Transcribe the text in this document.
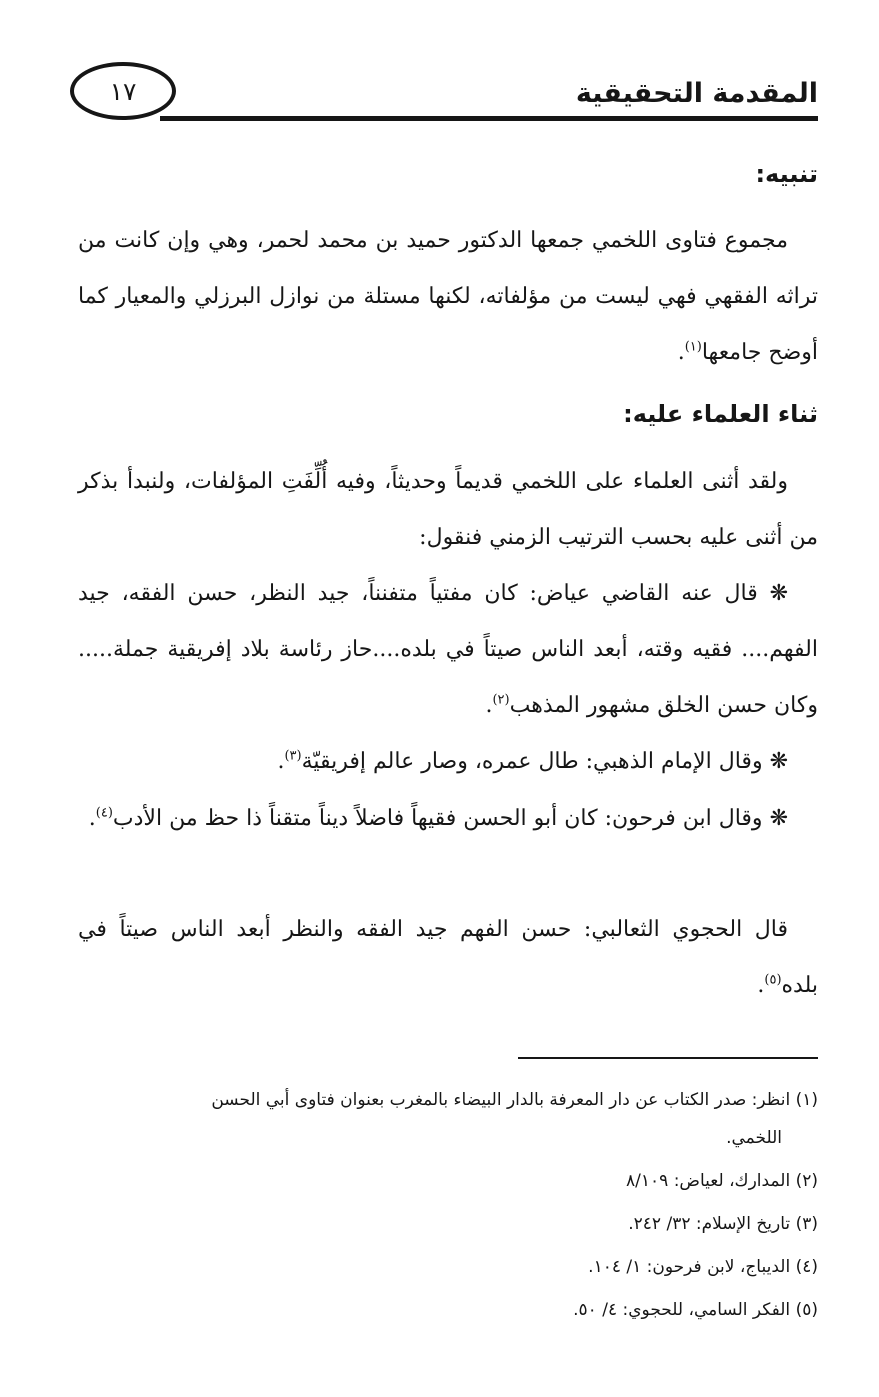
المقدمة التحقيقية
١٧
تنبيه:

مجموع فتاوى اللخمي جمعها الدكتور حميد بن محمد لحمر، وهي وإن كانت من تراثه الفقهي فهي ليست من مؤلفاته، لكنها مستلة من نوازل البرزلي والمعيار كما أوضح جامعها$^{(١)}$.

ثناء العلماء عليه:

ولقد أثنى العلماء على اللخمي قديماً وحديثاً، وفيه أُلِّفَتِ المؤلفات، ولنبدأ بذكر من أثنى عليه بحسب الترتيب الزمني فنقول:

❋ قال عنه القاضي عياض: كان مفتياً متفنناً، جيد النظر، حسن الفقه، جيد الفهم.... فقيه وقته، أبعد الناس صيتاً في بلده....حاز رئاسة بلاد إفريقية جملة..... وكان حسن الخلق مشهور المذهب$^{(٢)}$.

❋ وقال الإمام الذهبي: طال عمره، وصار عالم إفريقيّة$^{(٣)}$.

❋ وقال ابن فرحون: كان أبو الحسن فقيهاً فاضلاً ديناً متقناً ذا حظ من الأدب$^{(٤)}$.

قال الحجوي الثعالبي: حسن الفهم جيد الفقه والنظر أبعد الناس صيتاً في بلده$^{(٥)}$.

(١) انظر: صدر الكتاب عن دار المعرفة بالدار البيضاء بالمغرب بعنوان فتاوى أبي الحسن
اللخمي.

(٢) المدارك، لعياض: ٨/١٠٩

(٣) تاريخ الإسلام: ٣٢/ ٢٤٢.

(٤) الديباج، لابن فرحون: ١/ ١٠٤.

(٥) الفكر السامي، للحجوي: ٤/ ٥٠.
